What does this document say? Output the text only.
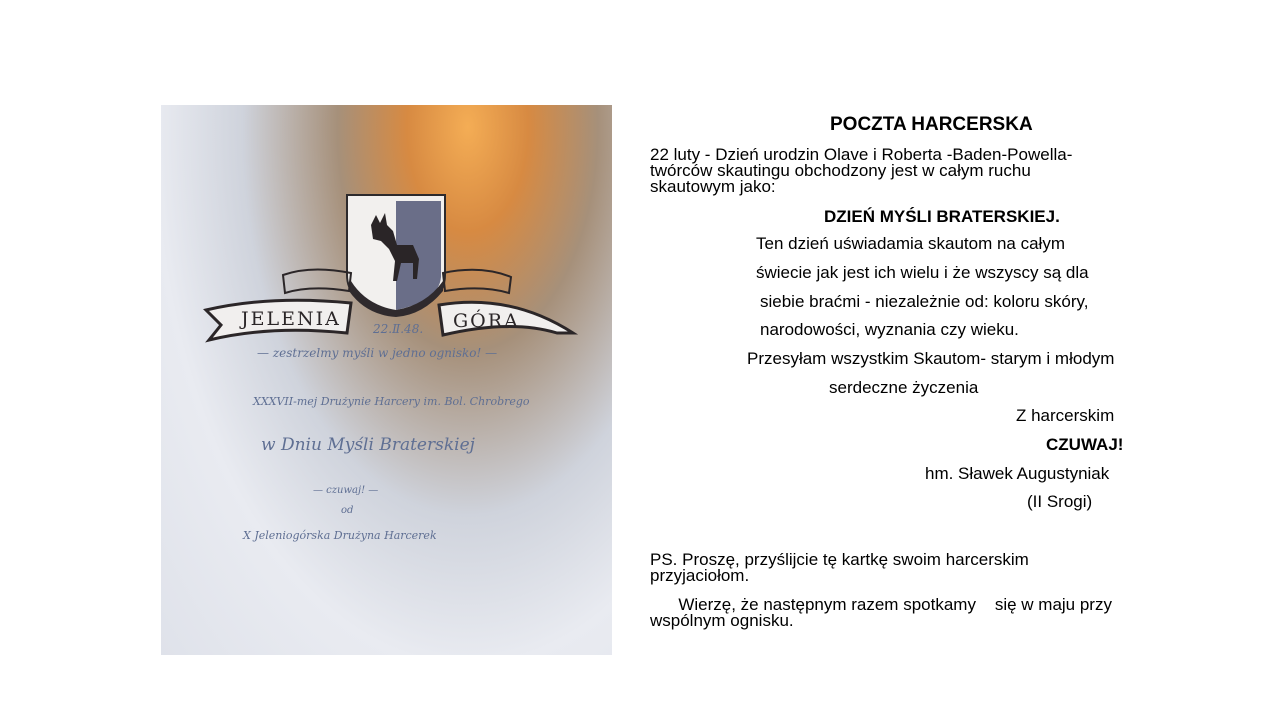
JELENIA	GÓRA
22.Ⅱ.48.
— zestrzelmy myśli w jedno ognisko! —
XXXVII-mej Drużynie Harcery im. Bol. Chrobrego
w Dniu Myśli Braterskiej
— czuwaj! —
od
X Jeleniogórska Drużyna Harcerek
POCZTA HARCERSKA
22 luty - Dzień urodzin Olave i Roberta -Baden-Powella-
twórców skautingu obchodzony jest w całym ruchu
skautowym jako:
DZIEŃ MYŚLI BRATERSKIEJ.
Ten dzień uświadamia skautom na całym
świecie jak jest ich wielu i że wszyscy są dla
siebie braćmi - niezależnie od: koloru skóry,
narodowości, wyznania czy wieku.
Przesyłam wszystkim Skautom- starym i młodym
serdeczne życzenia
Z harcerskim
CZUWAJ!
hm. Sławek Augustyniak
(II Srogi)
PS. Proszę, przyślijcie tę kartkę swoim harcerskim
przyjaciołom.
Wierzę, że następnym razem spotkamy    się w maju przy
wspólnym ognisku.
